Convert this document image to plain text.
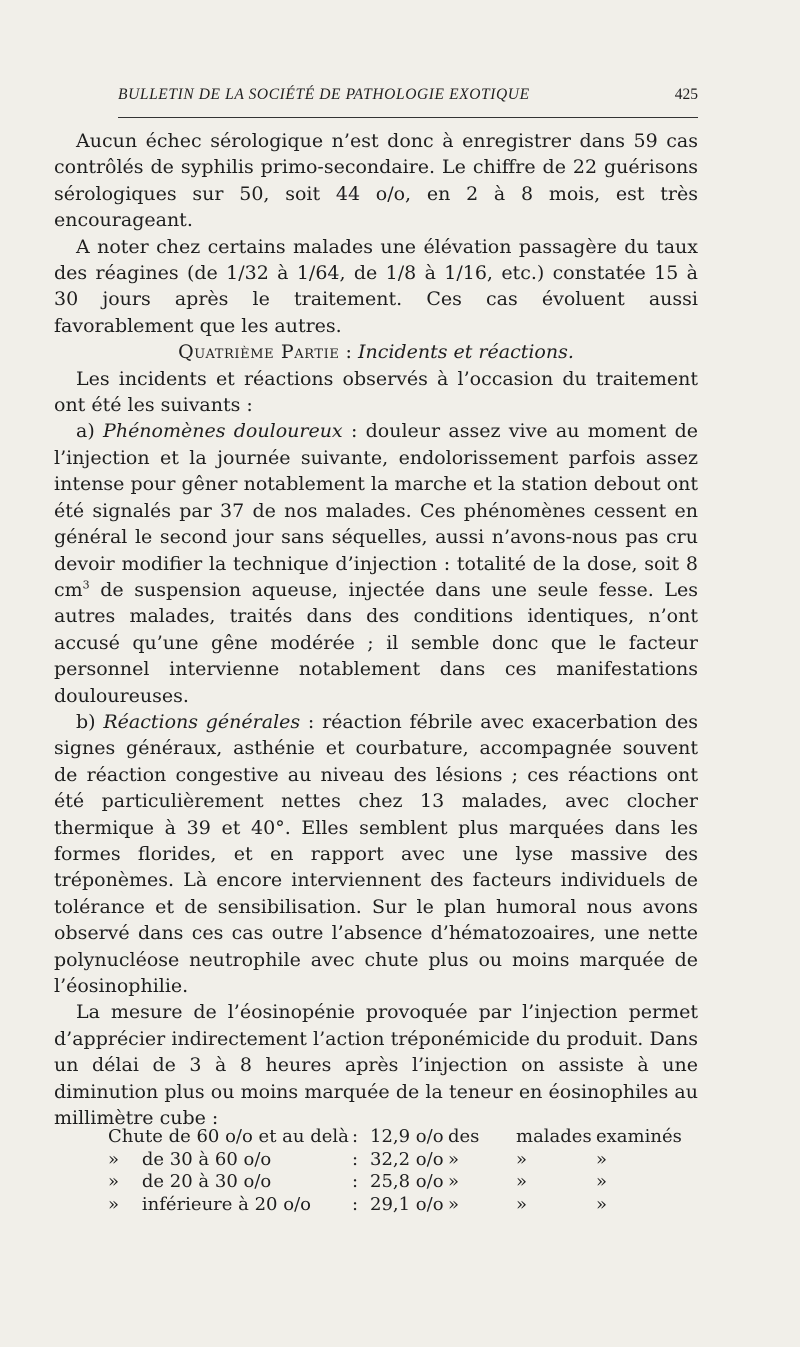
BULLETIN DE LA SOCIÉTÉ DE PATHOLOGIE EXOTIQUE	425

Aucun échec sérologique n’est donc à enregistrer dans 59 cas contrôlés de syphilis primo-secondaire. Le chiffre de 22 guérisons sérologiques sur 50, soit 44 o/o, en 2 à 8 mois, est très encourageant.

A noter chez certains malades une élévation passagère du taux des réagines (de 1/32 à 1/64, de 1/8 à 1/16, etc.) constatée 15 à 30 jours après le traitement. Ces cas évoluent aussi favorablement que les autres.

Quatrième Partie : Incidents et réactions.

Les incidents et réactions observés à l’occasion du traitement ont été les suivants :

a) Phénomènes douloureux : douleur assez vive au moment de l’injection et la journée suivante, endolorissement parfois assez intense pour gêner notablement la marche et la station debout ont été signalés par 37 de nos malades. Ces phénomènes cessent en général le second jour sans séquelles, aussi n’avons-nous pas cru devoir modifier la technique d’injection : totalité de la dose, soit 8 $cm^3$ de suspension aqueuse, injectée dans une seule fesse. Les autres malades, traités dans des conditions identiques, n’ont accusé qu’une gêne modérée ; il semble donc que le facteur personnel intervienne notablement dans ces manifestations douloureuses.

b) Réactions générales : réaction fébrile avec exacerbation des signes généraux, asthénie et courbature, accompagnée souvent de réaction congestive au niveau des lésions ; ces réactions ont été particulièrement nettes chez 13 malades, avec clocher thermique à 39 et 40°. Elles semblent plus marquées dans les formes florides, et en rapport avec une lyse massive des tréponèmes. Là encore interviennent des facteurs individuels de tolérance et de sensibilisation. Sur le plan humoral nous avons observé dans ces cas outre l’absence d’hématozoaires, une nette polynucléose neutrophile avec chute plus ou moins marquée de l’éosinophilie.

La mesure de l’éosinopénie provoquée par l’injection permet d’apprécier indirectement l’action tréponémicide du produit. Dans un délai de 3 à 8 heures après l’injection on assiste à une diminution plus ou moins marquée de la teneur en éosinophiles au millimètre cube :

Chute de 60 o/o et au delà : 12,9 o/o des malades examinés
»    de 30 à 60 o/o	: 32,2 o/o »	»	»
»    de 20 à 30 o/o	: 25,8 o/o »	»	»
»    inférieure à 20 o/o : 29,1 o/o »	»	»
